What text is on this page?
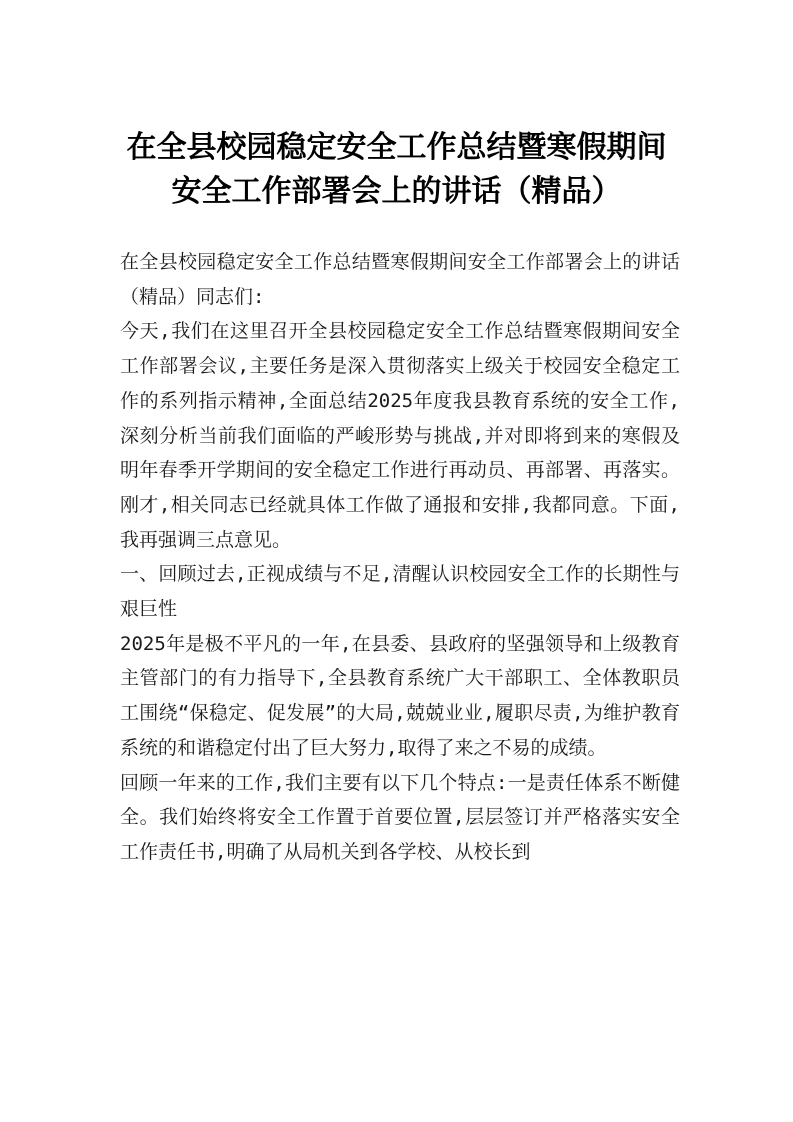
在全县校园稳定安全工作总结暨寒假期间
安全工作部署会上的讲话（精品）

在全县校园稳定安全工作总结暨寒假期间安全工作部署会上的讲话（精品）同志们:

今天,我们在这里召开全县校园稳定安全工作总结暨寒假期间安全工作部署会议,主要任务是深入贯彻落实上级关于校园安全稳定工作的系列指示精神,全面总结2025年度我县教育系统的安全工作,深刻分析当前我们面临的严峻形势与挑战,并对即将到来的寒假及明年春季开学期间的安全稳定工作进行再动员、再部署、再落实。刚才,相关同志已经就具体工作做了通报和安排,我都同意。下面,我再强调三点意见。

一、回顾过去,正视成绩与不足,清醒认识校园安全工作的长期性与艰巨性

2025年是极不平凡的一年,在县委、县政府的坚强领导和上级教育主管部门的有力指导下,全县教育系统广大干部职工、全体教职员工围绕“保稳定、促发展”的大局,兢兢业业,履职尽责,为维护教育系统的和谐稳定付出了巨大努力,取得了来之不易的成绩。

回顾一年来的工作,我们主要有以下几个特点:一是责任体系不断健全。我们始终将安全工作置于首要位置,层层签订并严格落实安全工作责任书,明确了从局机关到各学校、从校长到
